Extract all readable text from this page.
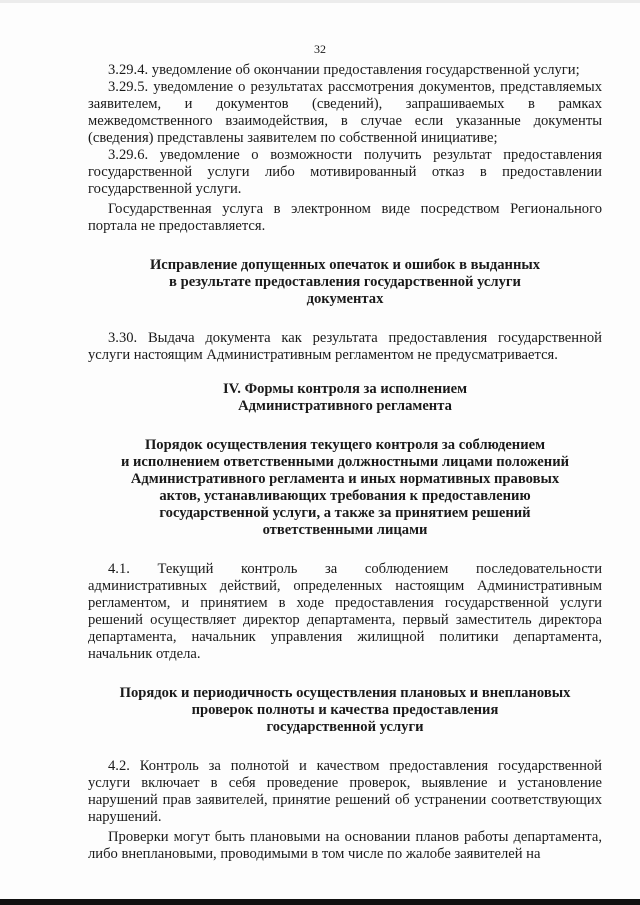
32

3.29.4. уведомление об окончании предоставления государственной услуги;

3.29.5. уведомление о результатах рассмотрения документов, представляемых заявителем, и документов (сведений), запрашиваемых в рамках межведомственного взаимодействия, в случае если указанные документы (сведения) представлены заявителем по собственной инициативе;

3.29.6. уведомление о возможности получить результат предоставления государственной услуги либо мотивированный отказ в предоставлении государственной услуги.

Государственная услуга в электронном виде посредством Регионального портала не предоставляется.

Исправление допущенных опечаток и ошибок в выданных
в результате предоставления государственной услуги
документах

3.30. Выдача документа как результата предоставления государственной услуги настоящим Административным регламентом не предусматривается.

IV. Формы контроля за исполнением
Административного регламента
Порядок осуществления текущего контроля за соблюдением
и исполнением ответственными должностными лицами положений
Административного регламента и иных нормативных правовых
актов, устанавливающих требования к предоставлению
государственной услуги, а также за принятием решений
ответственными лицами

4.1. Текущий контроль за соблюдением последовательности административных действий, определенных настоящим Административным регламентом, и принятием в ходе предоставления государственной услуги решений осуществляет директор департамента, первый заместитель директора департамента, начальник управления жилищной политики департамента, начальник отдела.

Порядок и периодичность осуществления плановых и внеплановых
проверок полноты и качества предоставления
государственной услуги

4.2. Контроль за полнотой и качеством предоставления государственной услуги включает в себя проведение проверок, выявление и установление нарушений прав заявителей, принятие решений об устранении соответствующих нарушений.

Проверки могут быть плановыми на основании планов работы департамента, либо внеплановыми, проводимыми в том числе по жалобе заявителей на
